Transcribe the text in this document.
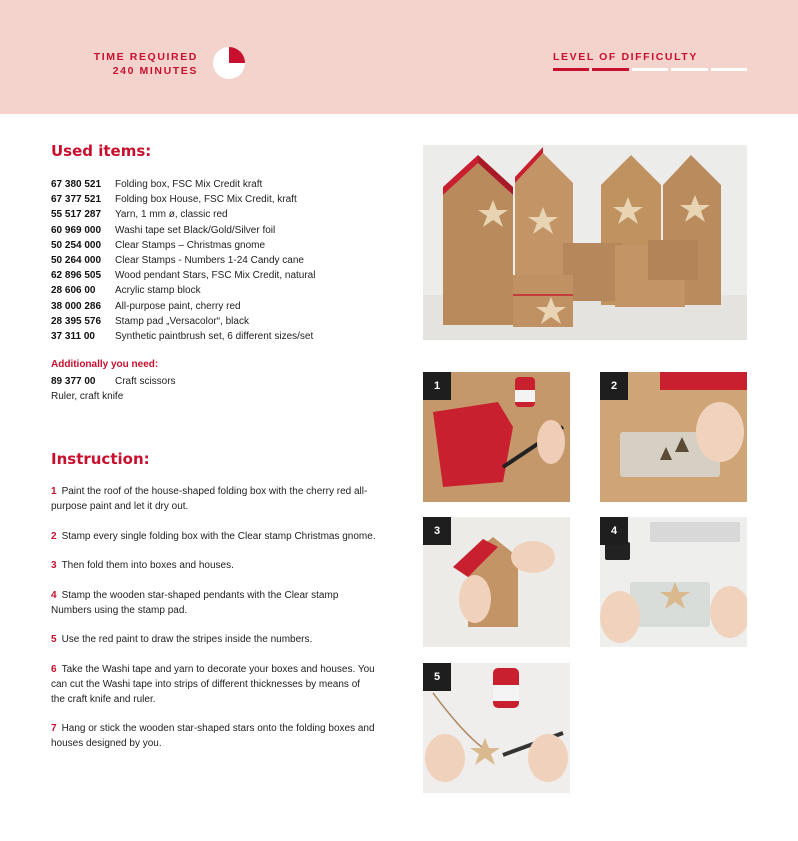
TIME REQUIRED
240 MINUTES
LEVEL OF DIFFICULTY
Used items:
67 380 521	Folding box, FSC Mix Credit kraft
67 377 521	Folding box House, FSC Mix Credit, kraft
55 517 287	Yarn, 1 mm ø, classic red
60 969 000	Washi tape set Black/Gold/Silver foil
50 254 000	Clear Stamps – Christmas gnome
50 264 000	Clear Stamps - Numbers 1-24 Candy cane
62 896 505	Wood pendant Stars, FSC Mix Credit, natural
28 606 00	Acrylic stamp block
38 000 286	All-purpose paint, cherry red
28 395 576	Stamp pad „Versacolor“, black
37 311 00	Synthetic paintbrush set, 6 different sizes/set
Additionally you need:
89 377 00	Craft scissors
Ruler, craft knife
Instruction:
1 Paint the roof of the house-shaped folding box with the cherry red all-purpose paint and let it dry out.
2 Stamp every single folding box with the Clear stamp Christmas gnome.
3 Then fold them into boxes and houses.
4 Stamp the wooden star-shaped pendants with the Clear stamp Numbers using the stamp pad.
5 Use the red paint to draw the stripes inside the numbers.
6 Take the Washi tape and yarn to decorate your boxes and houses. You can cut the Washi tape into strips of different thicknesses by means of the craft knife and ruler.
7 Hang or stick the wooden star-shaped stars onto the folding boxes and houses designed by you.
1	2
3	4
5
